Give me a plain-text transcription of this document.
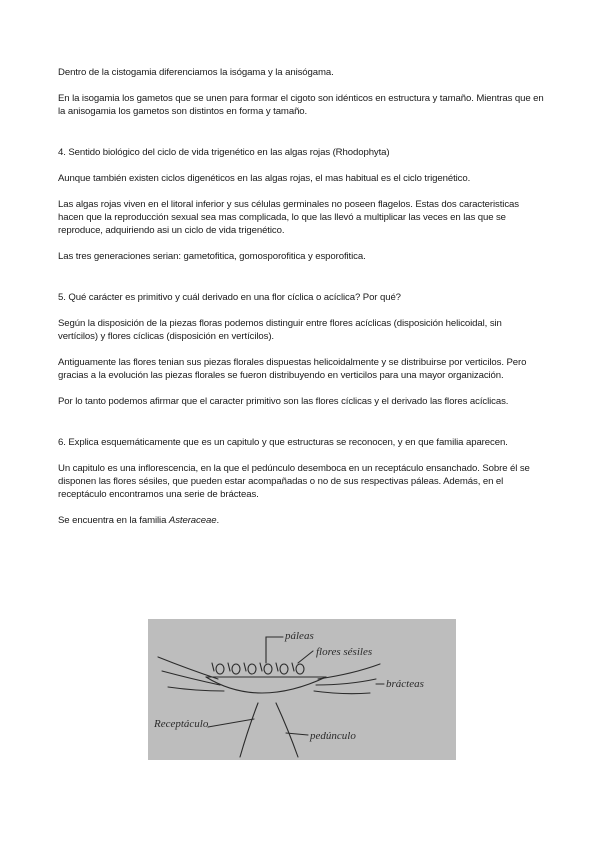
Dentro de la cistogamia diferenciamos la isógama y la anisógama.

En la isogamia los gametos que se unen para formar el cigoto son idénticos en estructura y tamaño. Mientras que en la anisogamia los gametos son distintos en forma y tamaño.

4. Sentido biológico del ciclo de vida trigenético en las algas rojas (Rhodophyta)

Aunque también existen ciclos digenéticos en las algas rojas, el mas habitual es el ciclo trigenético.

Las algas rojas viven en el litoral inferior y sus células germinales no poseen flagelos. Estas dos caracteristicas hacen que la reproducción sexual sea mas complicada, lo que las llevó a multiplicar las veces en las que se reproduce, adquiriendo asi un ciclo de vida trigenético.

Las tres generaciones serian: gametofitica, gomosporofitica y esporofitica.

5. Qué carácter es primitivo y cuál derivado en una flor cíclica o acíclica? Por qué?

Según la disposición de la piezas floras podemos distinguir entre flores acíclicas (disposición helicoidal, sin vertícilos) y flores cíclicas (disposición en vertícilos).

Antiguamente las flores tenian sus piezas florales dispuestas helicoidalmente y se distribuirse por verticilos. Pero gracias a la evolución las piezas florales se fueron distribuyendo en verticilos para una mayor organización.

Por lo tanto podemos afirmar que el caracter primitivo son las flores cíclicas y el derivado las flores acíclicas.

6. Explica esquemáticamente que es un capitulo y que estructuras se reconocen, y en que familia aparecen.

Un capitulo es una inflorescencia, en la que el pedúnculo desemboca en un receptáculo ensanchado. Sobre él se disponen las flores sésiles, que pueden estar acompañadas o no de sus respectivas páleas. Además, en el receptáculo encontramos una serie de brácteas.

Se encuentra en la familia Asteraceae.

páleas
flores sésiles
brácteas
Receptáculo
pedúnculo
